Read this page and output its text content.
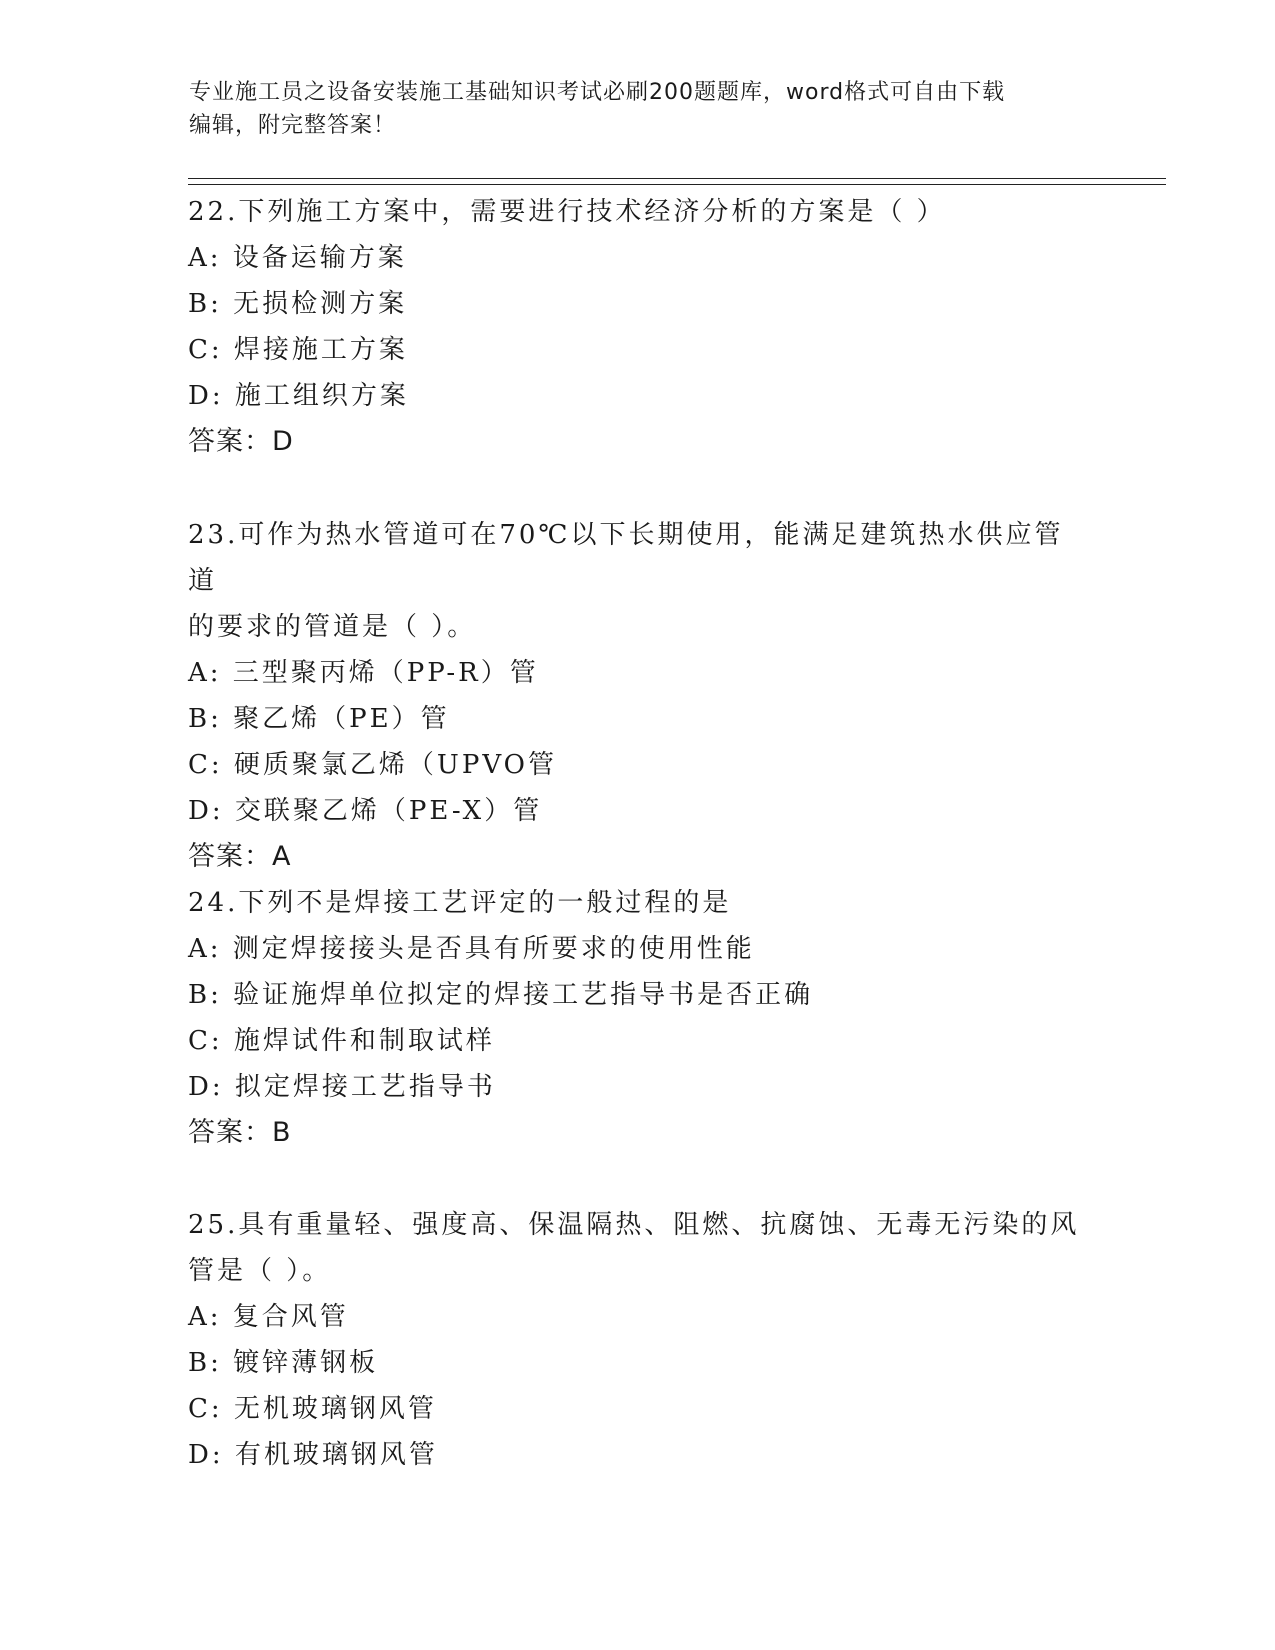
专业施工员之设备安装施工基础知识考试必刷200题题库，word格式可自由下载
编辑，附完整答案！
22.下列施工方案中，需要进行技术经济分析的方案是（ ）
A: 设备运输方案
B: 无损检测方案
C: 焊接施工方案
D: 施工组织方案
答案：D
23.可作为热水管道可在70℃以下长期使用，能满足建筑热水供应管道
的要求的管道是（ ）。
A: 三型聚丙烯（PP-R）管
B: 聚乙烯（PE）管
C: 硬质聚氯乙烯（UPVO管
D: 交联聚乙烯（PE-X）管
答案：A
24.下列不是焊接工艺评定的一般过程的是
A: 测定焊接接头是否具有所要求的使用性能
B: 验证施焊单位拟定的焊接工艺指导书是否正确
C: 施焊试件和制取试样
D: 拟定焊接工艺指导书
答案：B
25.具有重量轻、强度高、保温隔热、阻燃、抗腐蚀、无毒无污染的风
管是（ ）。
A: 复合风管
B: 镀锌薄钢板
C: 无机玻璃钢风管
D: 有机玻璃钢风管
